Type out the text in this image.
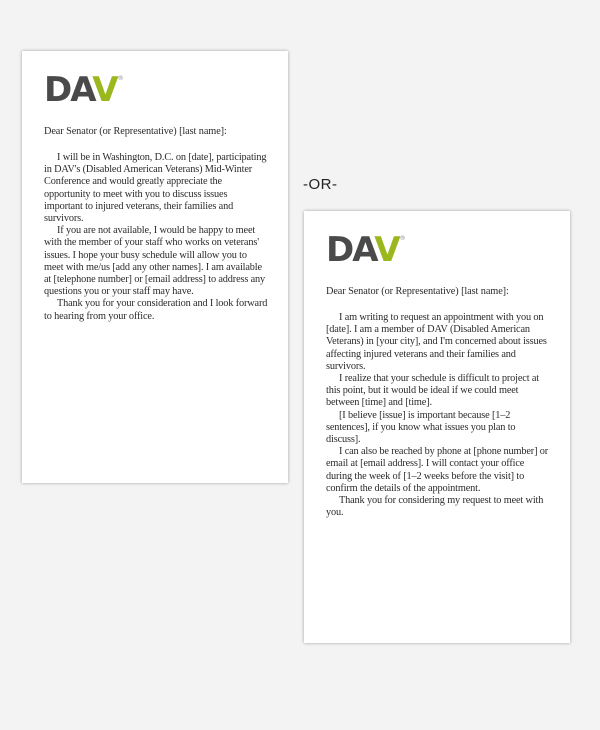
DAV ®

Dear Senator (or Representative) [last name]:

I will be in Washington, D.C. on [date], participating in DAV's (Disabled American Veterans) Mid-Winter Conference and would greatly appreciate the opportunity to meet with you to discuss issues important to injured veterans, their families and survivors.

If you are not available, I would be happy to meet with the member of your staff who works on veterans' issues. I hope your busy schedule will allow you to meet with me/us [add any other names]. I am available at [telephone number] or [email address] to address any questions you or your staff may have.

Thank you for your consideration and I look forward to hearing from your office.

-OR-
DAV ®

Dear Senator (or Representative) [last name]:

I am writing to request an appointment with you on [date]. I am a member of DAV (Disabled American Veterans) in [your city], and I'm concerned about issues affecting injured veterans and their families and survivors.

I realize that your schedule is difficult to project at this point, but it would be ideal if we could meet between [time] and [time].

[I believe [issue] is important because [1–2 sentences], if you know what issues you plan to discuss].

I can also be reached by phone at [phone number] or email at [email address]. I will contact your office during the week of [1–2 weeks before the visit] to confirm the details of the appointment.

Thank you for considering my request to meet with you.
